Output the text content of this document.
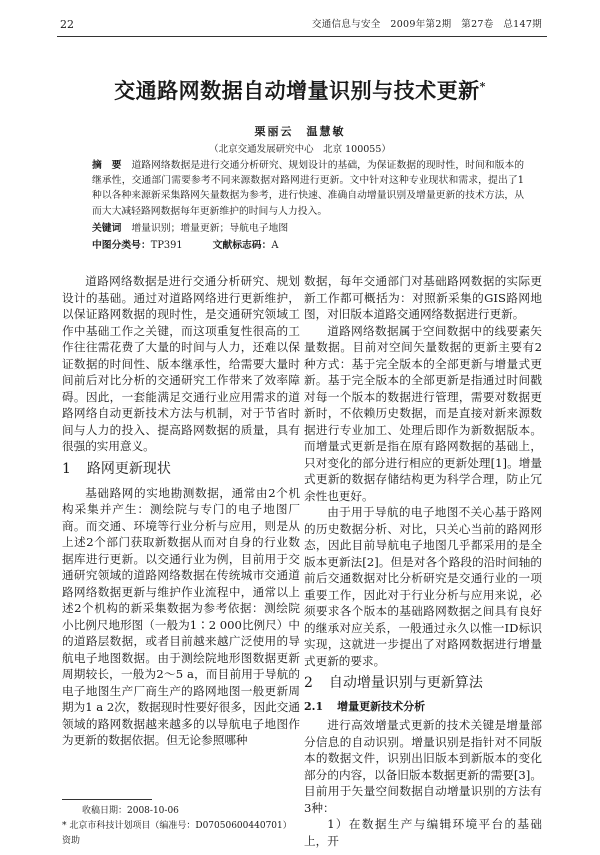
22	交通信息与安全　2009年第2期　第27卷　总147期
交通路网数据自动增量识别与技术更新*
栗丽云　温慧敏
（北京交通发展研究中心　北京 100055）
摘　要 道路网络数据是进行交通分析研究、规划设计的基础，为保证数据的现时性，时间和版本的继承性，交通部门需要参考不同来源数据对路网进行更新。文中针对这种专业现状和需求，提出了1种以各种来源新采集路网矢量数据为参考，进行快速、准确自动增量识别及增量更新的技术方法，从而大大减轻路网数据每年更新维护的时间与人力投入。
关键词 增量识别；增量更新；导航电子地图
中图分类号：TP391	文献标志码：A

道路网络数据是进行交通分析研究、规划设计的基础。通过对道路网络进行更新维护，以保证路网数据的现时性，是交通研究领域工作中基础工作之关键，而这项重复性很高的工作往往需花费了大量的时间与人力，还难以保证数据的时间性、版本继承性，给需要大量时间前后对比分析的交通研究工作带来了效率障碍。因此，一套能满足交通行业应用需求的道路网络自动更新技术方法与机制，对于节省时间与人力的投入、提高路网数据的质量，具有很强的实用意义。

1 路网更新现状

基础路网的实地勘测数据，通常由2个机构采集并产生：测绘院与专门的电子地图厂商。而交通、环境等行业分析与应用，则是从上述2个部门获取新数据从而对自身的行业数据库进行更新。以交通行业为例，目前用于交通研究领域的道路网络数据在传统城市交通道路网络数据更新与维护作业流程中，通常以上述2个机构的新采集数据为参考依据：测绘院小比例尺地形图（一般为1∶2 000比例尺）中的道路层数据，或者目前越来越广泛使用的导航电子地图数据。由于测绘院地形图数据更新周期较长，一般为2～5 a，而目前用于导航的电子地图生产厂商生产的路网地图一般更新周期为1 a 2次，数据现时性要好很多，因此交通领域的路网数据越来越多的以导航电子地图作为更新的数据依据。但无论参照哪种

收稿日期：2008-10-06
* 北京市科技计划项目（编准号：D07050600440701）资助

数据，每年交通部门对基础路网数据的实际更新工作都可概括为：对照新采集的GIS路网地图，对旧版本道路交通网络数据进行更新。

道路网络数据属于空间数据中的线要素矢量数据。目前对空间矢量数据的更新主要有2种方式：基于完全版本的全部更新与增量式更新。基于完全版本的全部更新是指通过时间戳对每一个版本的数据进行管理，需要对数据更新时，不依赖历史数据，而是直接对新来源数据进行专业加工、处理后即作为新数据版本。而增量式更新是指在原有路网数据的基础上，只对变化的部分进行相应的更新处理[1]。增量式更新的数据存储结构更为科学合理，防止冗余性也更好。

由于用于导航的电子地图不关心基于路网的历史数据分析、对比，只关心当前的路网形态，因此目前导航电子地图几乎都采用的是全版本更新法[2]。但是对各个路段的沿时间轴的前后交通数据对比分析研究是交通行业的一项重要工作，因此对于行业分析与应用来说，必须要求各个版本的基础路网数据之间具有良好的继承对应关系，一般通过永久以惟一ID标识实现，这就进一步提出了对路网数据进行增量式更新的要求。

2 自动增量识别与更新算法
2.1 增量更新技术分析

进行高效增量式更新的技术关键是增量部分信息的自动识别。增量识别是指针对不同版本的数据文件，识别出旧版本到新版本的变化部分的内容，以备旧版本数据更新的需要[3]。目前用于矢量空间数据自动增量识别的方法有3种：

1）在数据生产与编辑环境平台的基础上，开
